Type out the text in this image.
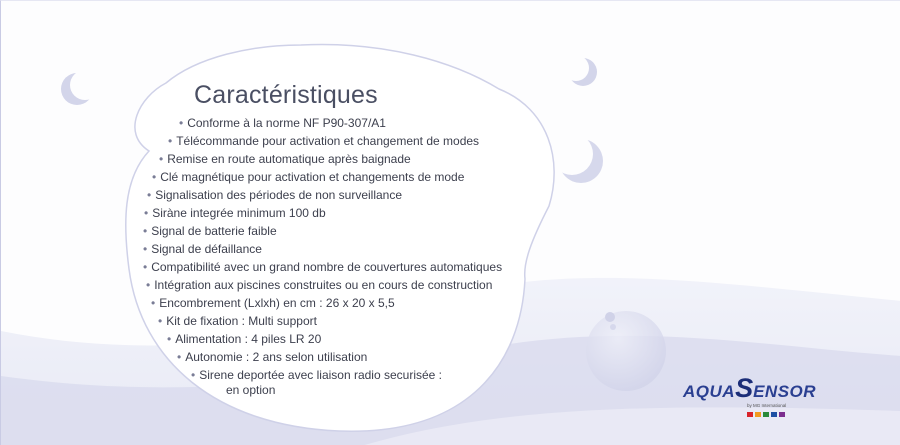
Caractéristiques
• Conforme à la norme NF P90-307/A1
• Télécommande pour activation et changement de modes
• Remise en route automatique après baignade
• Clé magnétique pour activation et changements de mode
• Signalisation des périodes de non surveillance
• Siràne integrée minimum 100 db
• Signal de batterie faible
• Signal de défaillance
• Compatibilité avec un grand nombre de couvertures automatiques
• Intégration aux piscines construites ou en cours de construction
• Encombrement (Lxlxh) en cm : 26 x 20 x 5,5
• Kit de fixation : Multi support
• Alimentation : 4 piles LR 20
• Autonomie : 2 ans selon utilisation
• Sirene deportée avec liaison radio securisée :
en option	AQUASENSOR
by MG International
